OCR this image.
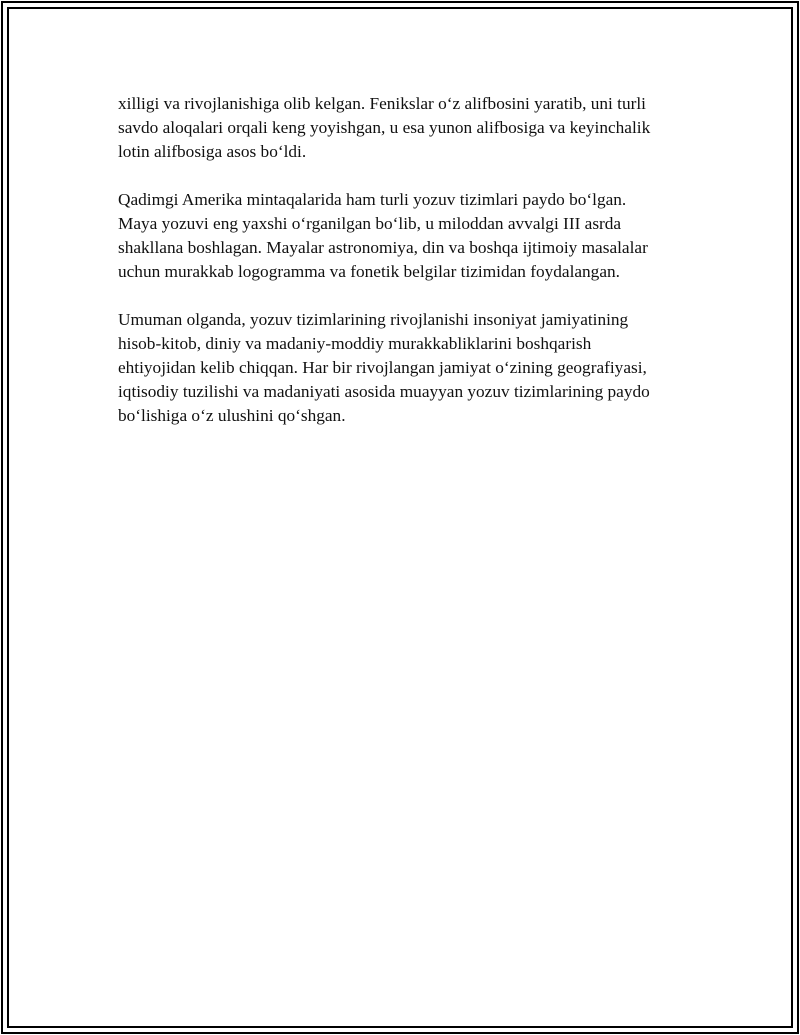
xilligi va rivojlanishiga olib kelgan. Fenikslar o‘z alifbosini yaratib, uni turli
savdo aloqalari orqali keng yoyishgan, u esa yunon alifbosiga va keyinchalik
lotin alifbosiga asos bo‘ldi.

Qadimgi Amerika mintaqalarida ham turli yozuv tizimlari paydo bo‘lgan.
Maya yozuvi eng yaxshi o‘rganilgan bo‘lib, u miloddan avvalgi III asrda
shakllana boshlagan. Mayalar astronomiya, din va boshqa ijtimoiy masalalar
uchun murakkab logogramma va fonetik belgilar tizimidan foydalangan.

Umuman olganda, yozuv tizimlarining rivojlanishi insoniyat jamiyatining
hisob-kitob, diniy va madaniy-moddiy murakkabliklarini boshqarish
ehtiyojidan kelib chiqqan. Har bir rivojlangan jamiyat o‘zining geografiyasi,
iqtisodiy tuzilishi va madaniyati asosida muayyan yozuv tizimlarining paydo
bo‘lishiga o‘z ulushini qo‘shgan.
